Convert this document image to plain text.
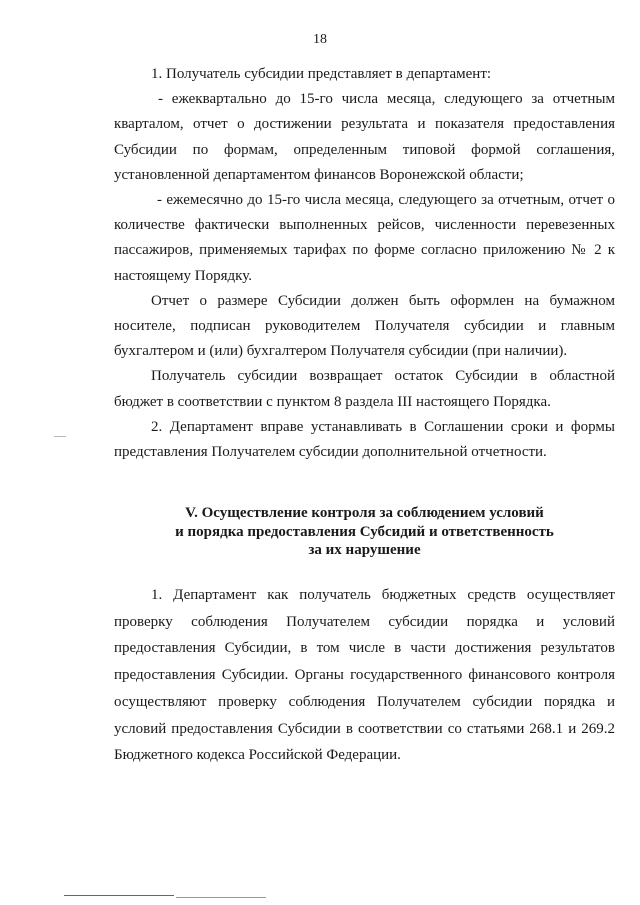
18

1. Получатель субсидии представляет в департамент:

- ежеквартально до 15-го числа месяца, следующего за отчетным кварталом, отчет о достижении результата и показателя предоставления Субсидии по формам, определенным типовой формой соглашения, установленной департаментом финансов Воронежской области;

- ежемесячно до 15-го числа месяца, следующего за отчетным, отчет о количестве фактически выполненных рейсов, численности перевезенных пассажиров, применяемых тарифах по форме согласно приложению № 2 к настоящему Порядку.

Отчет о размере Субсидии должен быть оформлен на бумажном носителе, подписан руководителем Получателя субсидии и главным бухгалтером и (или) бухгалтером Получателя субсидии (при наличии).

Получатель субсидии возвращает остаток Субсидии в областной бюджет в соответствии с пунктом 8 раздела III настоящего Порядка.

2. Департамент вправе устанавливать в Соглашении сроки и формы представления Получателем субсидии дополнительной отчетности.

V. Осуществление контроля за соблюдением условий
и порядка предоставления Субсидий и ответственность
за их нарушение

1. Департамент как получатель бюджетных средств осуществляет проверку соблюдения Получателем субсидии порядка и условий предоставления Субсидии, в том числе в части достижения результатов предоставления Субсидии. Органы государственного финансового контроля осуществляют проверку соблюдения Получателем субсидии порядка и условий предоставления Субсидии в соответствии со статьями 268.1 и 269.2 Бюджетного кодекса Российской Федерации.
